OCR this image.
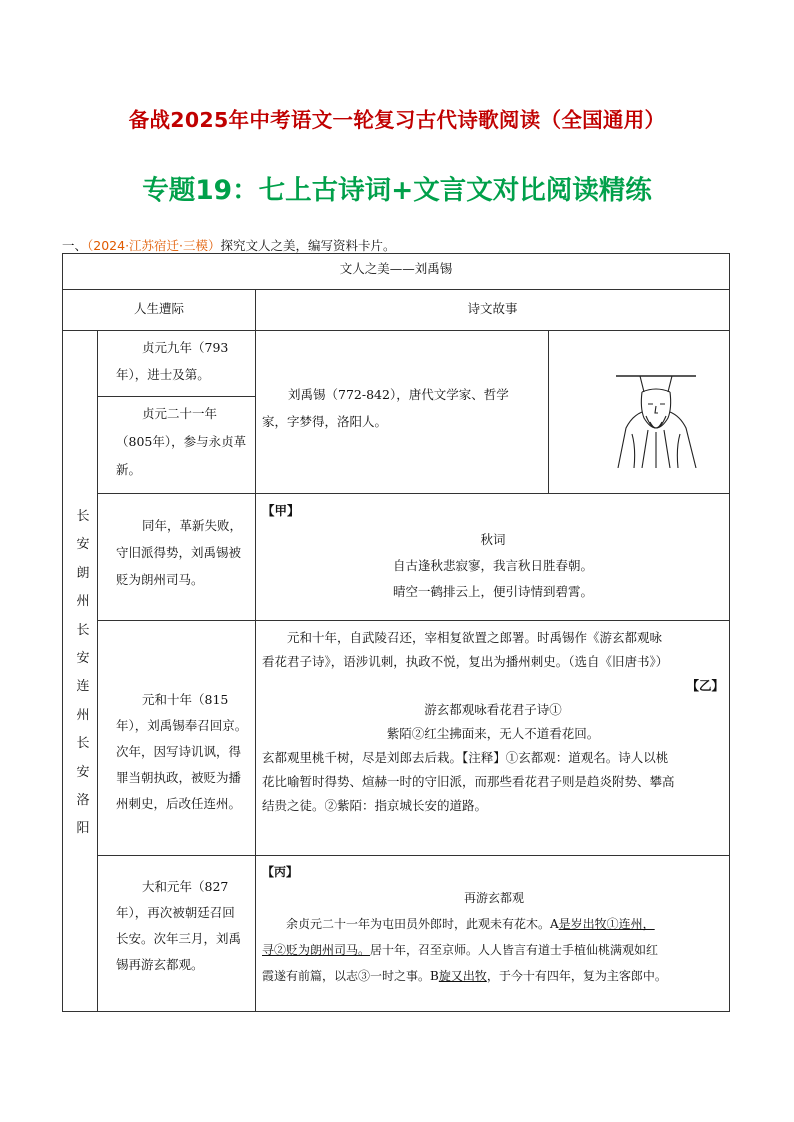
备战2025年中考语文一轮复习古代诗歌阅读（全国通用）
专题19：七上古诗词+文言文对比阅读精练
一、（2024·江苏宿迁·三模）探究文人之美，编写资料卡片。
文人之美——刘禹锡
人生遭际	诗文故事
长
安
朗
州
长
安
连
州
长
安
洛
阳
贞元九年（793
年），进士及第。
贞元二十一年
（805年），参与永贞革
新。
刘禹锡（772-842），唐代文学家、哲学
家，字梦得，洛阳人。
同年，革新失败，
守旧派得势，刘禹锡被
贬为朗州司马。
【甲】

秋词

自古逢秋悲寂寥，我言秋日胜春朝。

晴空一鹤排云上，便引诗情到碧霄。

元和十年（815
年），刘禹锡奉召回京。
次年，因写诗讥讽，得
罪当朝执政，被贬为播
州刺史，后改任连州。

元和十年，自武陵召还，宰相复欲置之郎署。时禹锡作《游玄都观咏

看花君子诗》，语涉讥刺，执政不悦，复出为播州刺史。（选自《旧唐书》）

【乙】

游玄都观咏看花君子诗①

紫陌②红尘拂面来，无人不道看花回。

玄都观里桃千树，尽是刘郎去后栽。【注释】①玄都观：道观名。诗人以桃

花比喻暂时得势、煊赫一时的守旧派，而那些看花君子则是趋炎附势、攀高

结贵之徒。②紫陌：指京城长安的道路。

大和元年（827
年），再次被朝廷召回
长安。次年三月，刘禹
锡再游玄都观。
【丙】

再游玄都观

余贞元二十一年为屯田员外郎时，此观未有花木。A是岁出牧①连州，

寻②贬为朗州司马。居十年，召至京师。人人皆言有道士手植仙桃满观如红

霞遂有前篇，以志③一时之事。B旋又出牧，于今十有四年，复为主客郎中。
